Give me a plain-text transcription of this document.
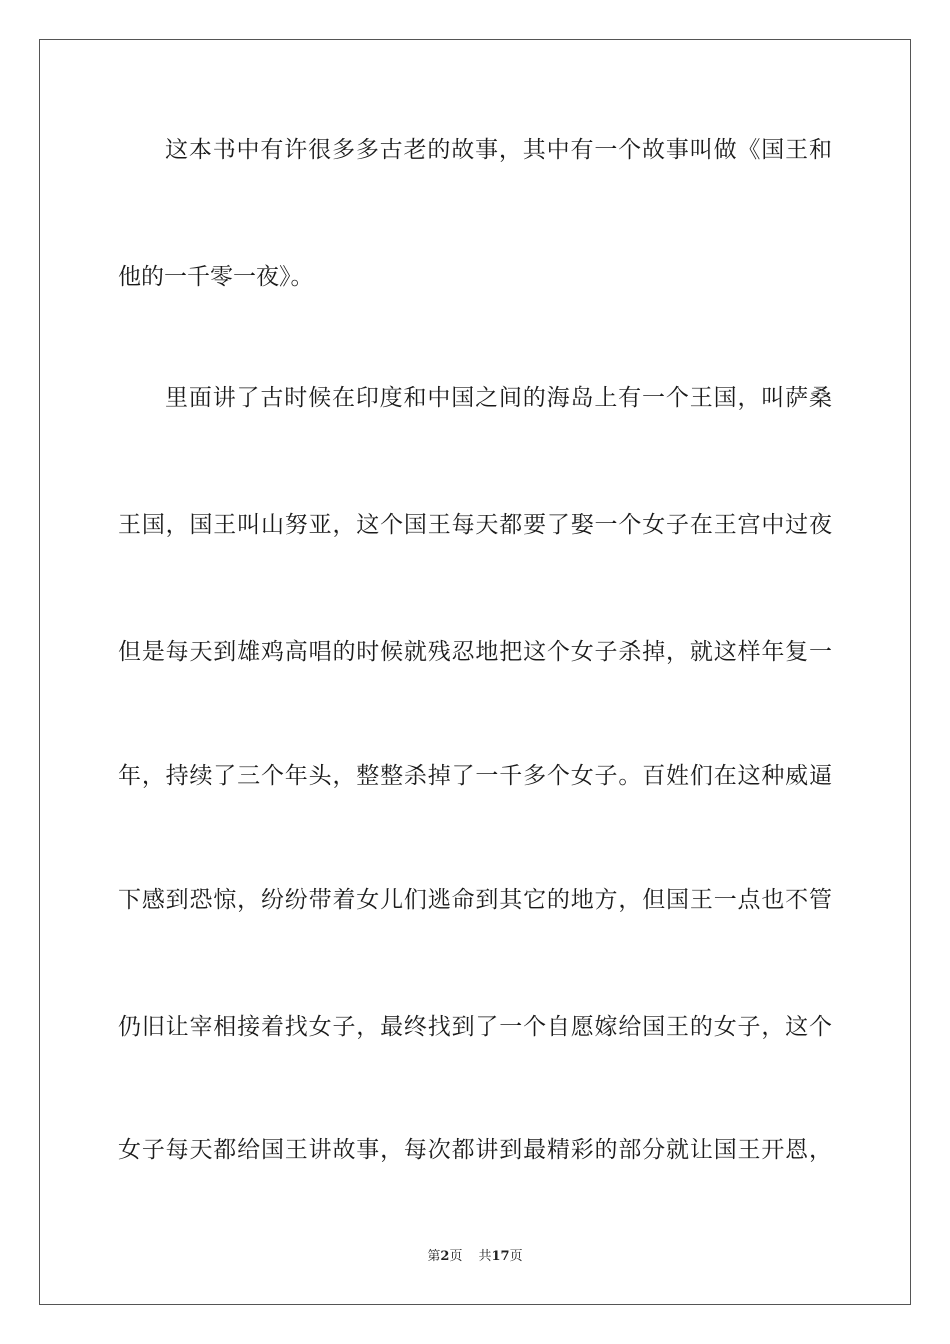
这本书中有许很多多古老的故事，其中有一个故事叫做《国王和
他的一千零一夜》。
里面讲了古时候在印度和中国之间的海岛上有一个王国，叫萨桑
王国，国王叫山努亚，这个国王每天都要了娶一个女子在王宫中过夜
但是每天到雄鸡高唱的时候就残忍地把这个女子杀掉，就这样年复一
年，持续了三个年头，整整杀掉了一千多个女子。百姓们在这种威逼
下感到恐惊，纷纷带着女儿们逃命到其它的地方，但国王一点也不管
仍旧让宰相接着找女子，最终找到了一个自愿嫁给国王的女子，这个
女子每天都给国王讲故事，每次都讲到最精彩的部分就让国王开恩，
第2页 共17页
